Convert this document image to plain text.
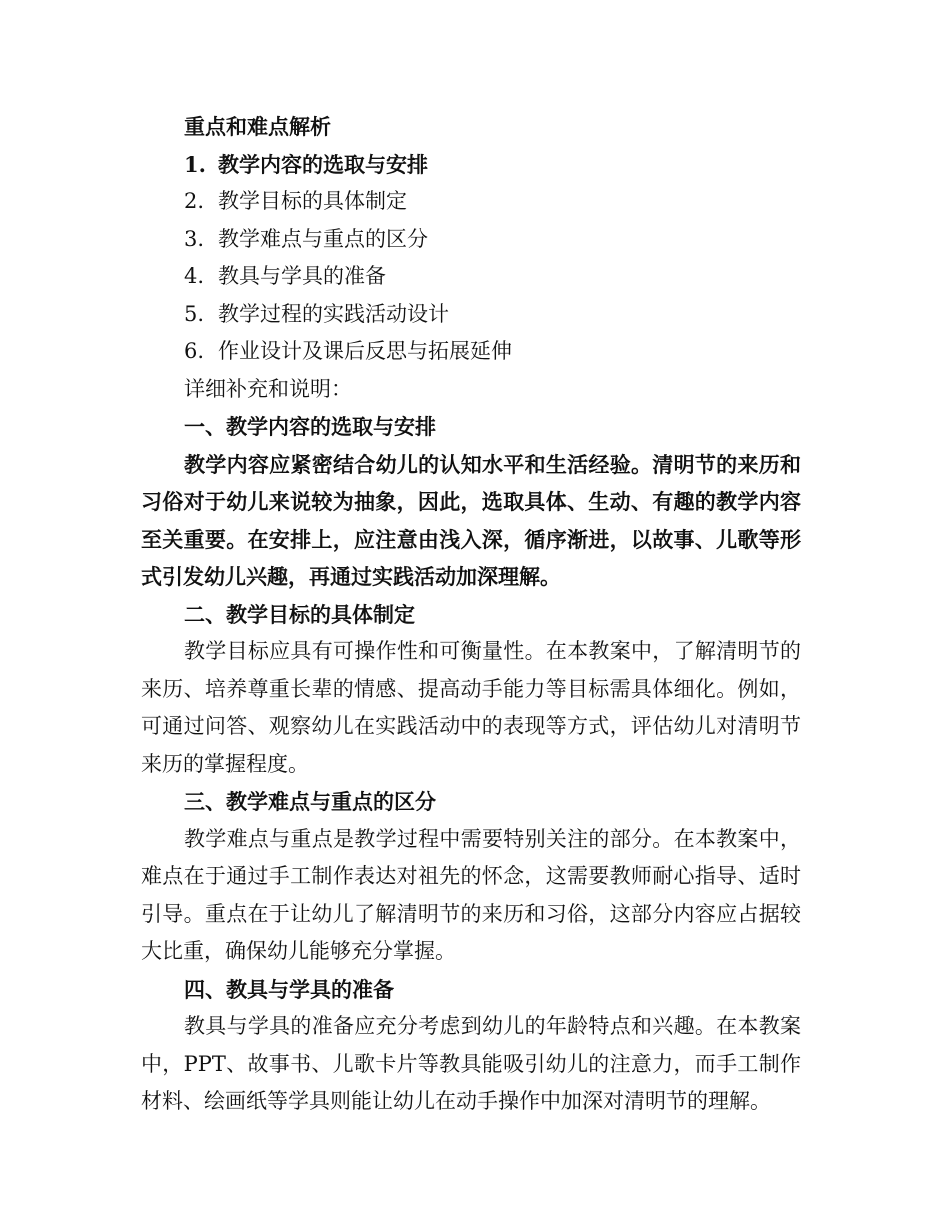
重点和难点解析
1. 教学内容的选取与安排
2. 教学目标的具体制定
3. 教学难点与重点的区分
4. 教具与学具的准备
5. 教学过程的实践活动设计
6. 作业设计及课后反思与拓展延伸
详细补充和说明：
一、教学内容的选取与安排

教学内容应紧密结合幼儿的认知水平和生活经验。清明节的来历和习俗对于幼儿来说较为抽象，因此，选取具体、生动、有趣的教学内容至关重要。在安排上，应注意由浅入深，循序渐进，以故事、儿歌等形式引发幼儿兴趣，再通过实践活动加深理解。

二、教学目标的具体制定

教学目标应具有可操作性和可衡量性。在本教案中，了解清明节的来历、培养尊重长辈的情感、提高动手能力等目标需具体细化。例如，可通过问答、观察幼儿在实践活动中的表现等方式，评估幼儿对清明节来历的掌握程度。

三、教学难点与重点的区分

教学难点与重点是教学过程中需要特别关注的部分。在本教案中，难点在于通过手工制作表达对祖先的怀念，这需要教师耐心指导、适时引导。重点在于让幼儿了解清明节的来历和习俗，这部分内容应占据较大比重，确保幼儿能够充分掌握。

四、教具与学具的准备

教具与学具的准备应充分考虑到幼儿的年龄特点和兴趣。在本教案中，PPT、故事书、儿歌卡片等教具能吸引幼儿的注意力，而手工制作材料、绘画纸等学具则能让幼儿在动手操作中加深对清明节的理解。
